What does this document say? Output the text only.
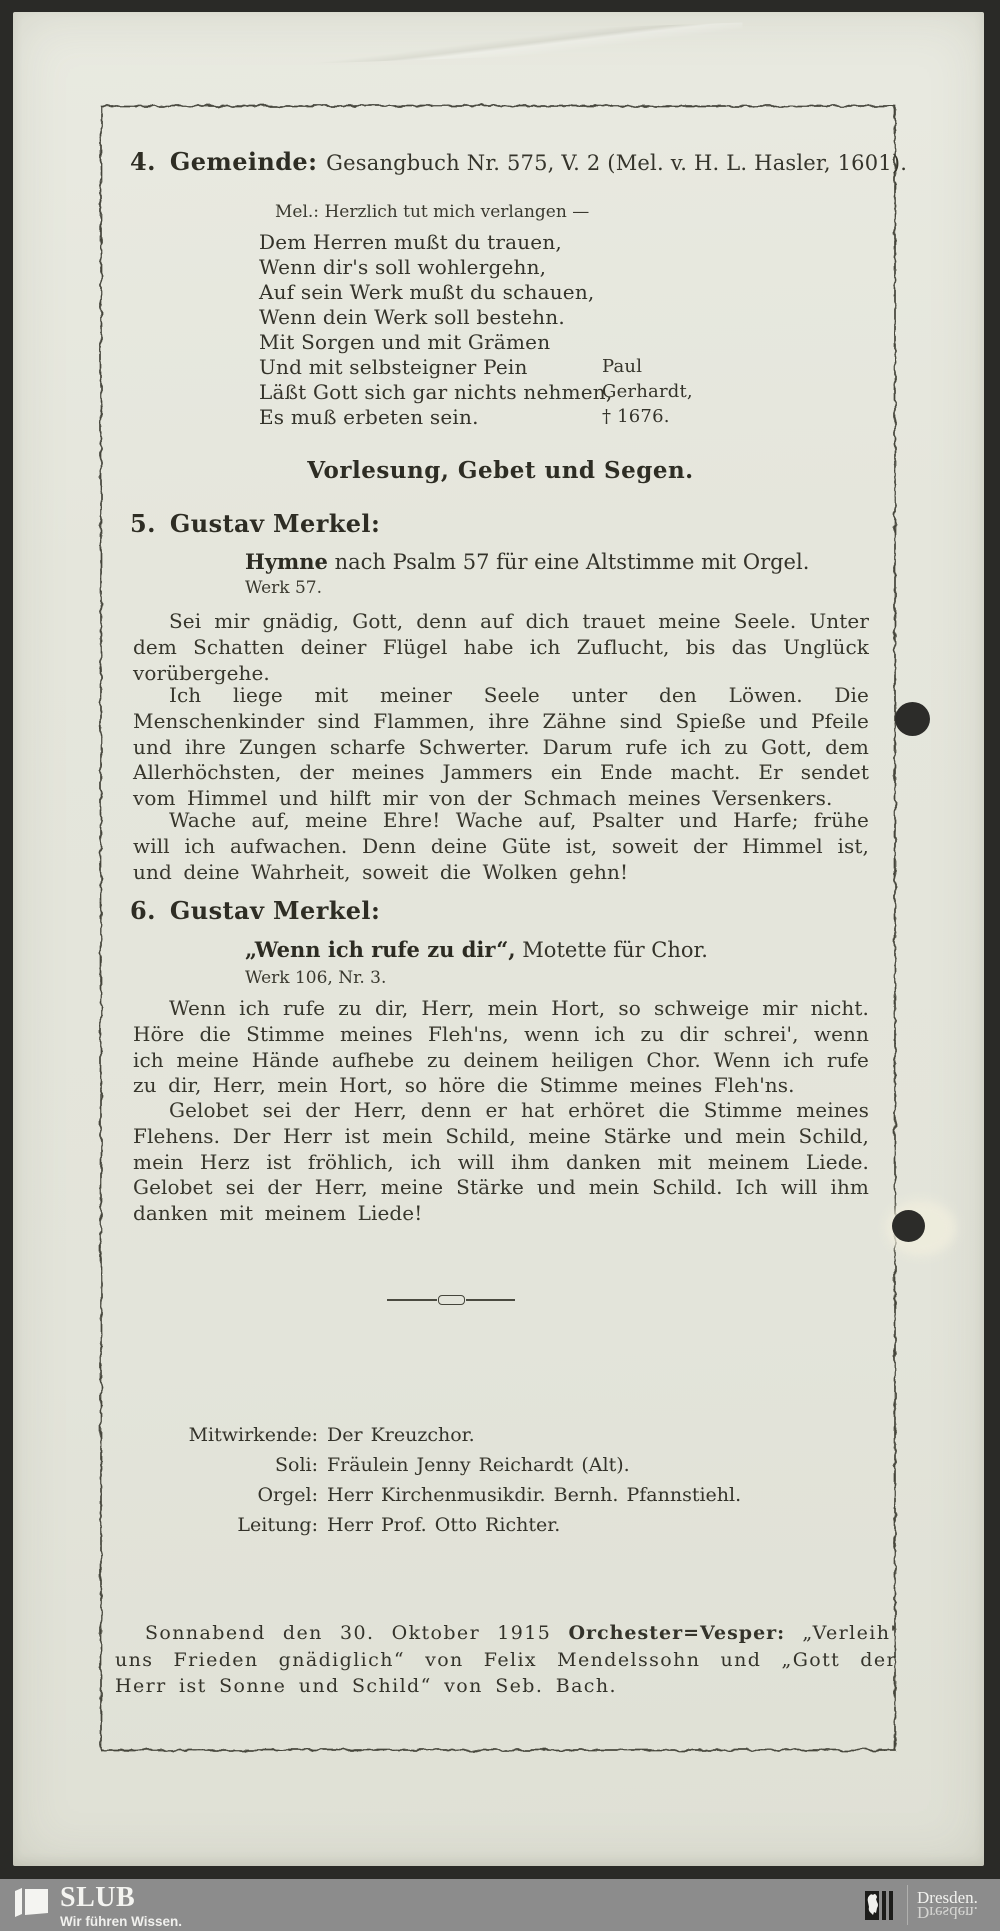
4. Gemeinde: Gesangbuch Nr. 575, V. 2 (Mel. v. H. L. Hasler, 1601).
Mel.: Herzlich tut mich verlangen —
Dem Herren mußt du trauen,
Wenn dir's soll wohlergehn,
Auf sein Werk mußt du schauen,
Wenn dein Werk soll bestehn.
Mit Sorgen und mit Grämen
Und mit selbsteigner Pein
Läßt Gott sich gar nichts nehmen,
Es muß erbeten sein.
Paul Gerhardt, † 1676.
Vorlesung, Gebet und Segen.
5. Gustav Merkel:
Hymne nach Psalm 57 für eine Altstimme mit Orgel.
Werk 57.
Sei mir gnädig, Gott, denn auf dich trauet meine Seele. Unter dem Schatten deiner Flügel habe ich Zuflucht, bis das Unglück vorübergehe.
Ich liege mit meiner Seele unter den Löwen. Die Menschenkinder sind Flammen, ihre Zähne sind Spieße und Pfeile und ihre Zungen scharfe Schwerter. Darum rufe ich zu Gott, dem Allerhöchsten, der meines Jammers ein Ende macht. Er sendet vom Himmel und hilft mir von der Schmach meines Versenkers.
Wache auf, meine Ehre! Wache auf, Psalter und Harfe; frühe will ich aufwachen. Denn deine Güte ist, soweit der Himmel ist, und deine Wahrheit, soweit die Wolken gehn!
6. Gustav Merkel:
„Wenn ich rufe zu dir“, Motette für Chor.
Werk 106, Nr. 3.
Wenn ich rufe zu dir, Herr, mein Hort, so schweige mir nicht. Höre die Stimme meines Fleh'ns, wenn ich zu dir schrei', wenn ich meine Hände aufhebe zu deinem heiligen Chor. Wenn ich rufe zu dir, Herr, mein Hort, so höre die Stimme meines Fleh'ns.
Gelobet sei der Herr, denn er hat erhöret die Stimme meines Flehens. Der Herr ist mein Schild, meine Stärke und mein Schild, mein Herz ist fröhlich, ich will ihm danken mit meinem Liede. Gelobet sei der Herr, meine Stärke und mein Schild. Ich will ihm danken mit meinem Liede!
Mitwirkende: Der Kreuzchor.
Soli: Fräulein Jenny Reichardt (Alt).
Orgel: Herr Kirchenmusikdir. Bernh. Pfannstiehl.
Leitung: Herr Prof. Otto Richter.
Sonnabend den 30. Oktober 1915 Orchester=Vesper: „Verleih' uns Frieden gnädiglich“ von Felix Mendelssohn und „Gott der Herr ist Sonne und Schild“ von Seb. Bach.
SLUB
Wir führen Wissen.
Dresden.
Dresden.
